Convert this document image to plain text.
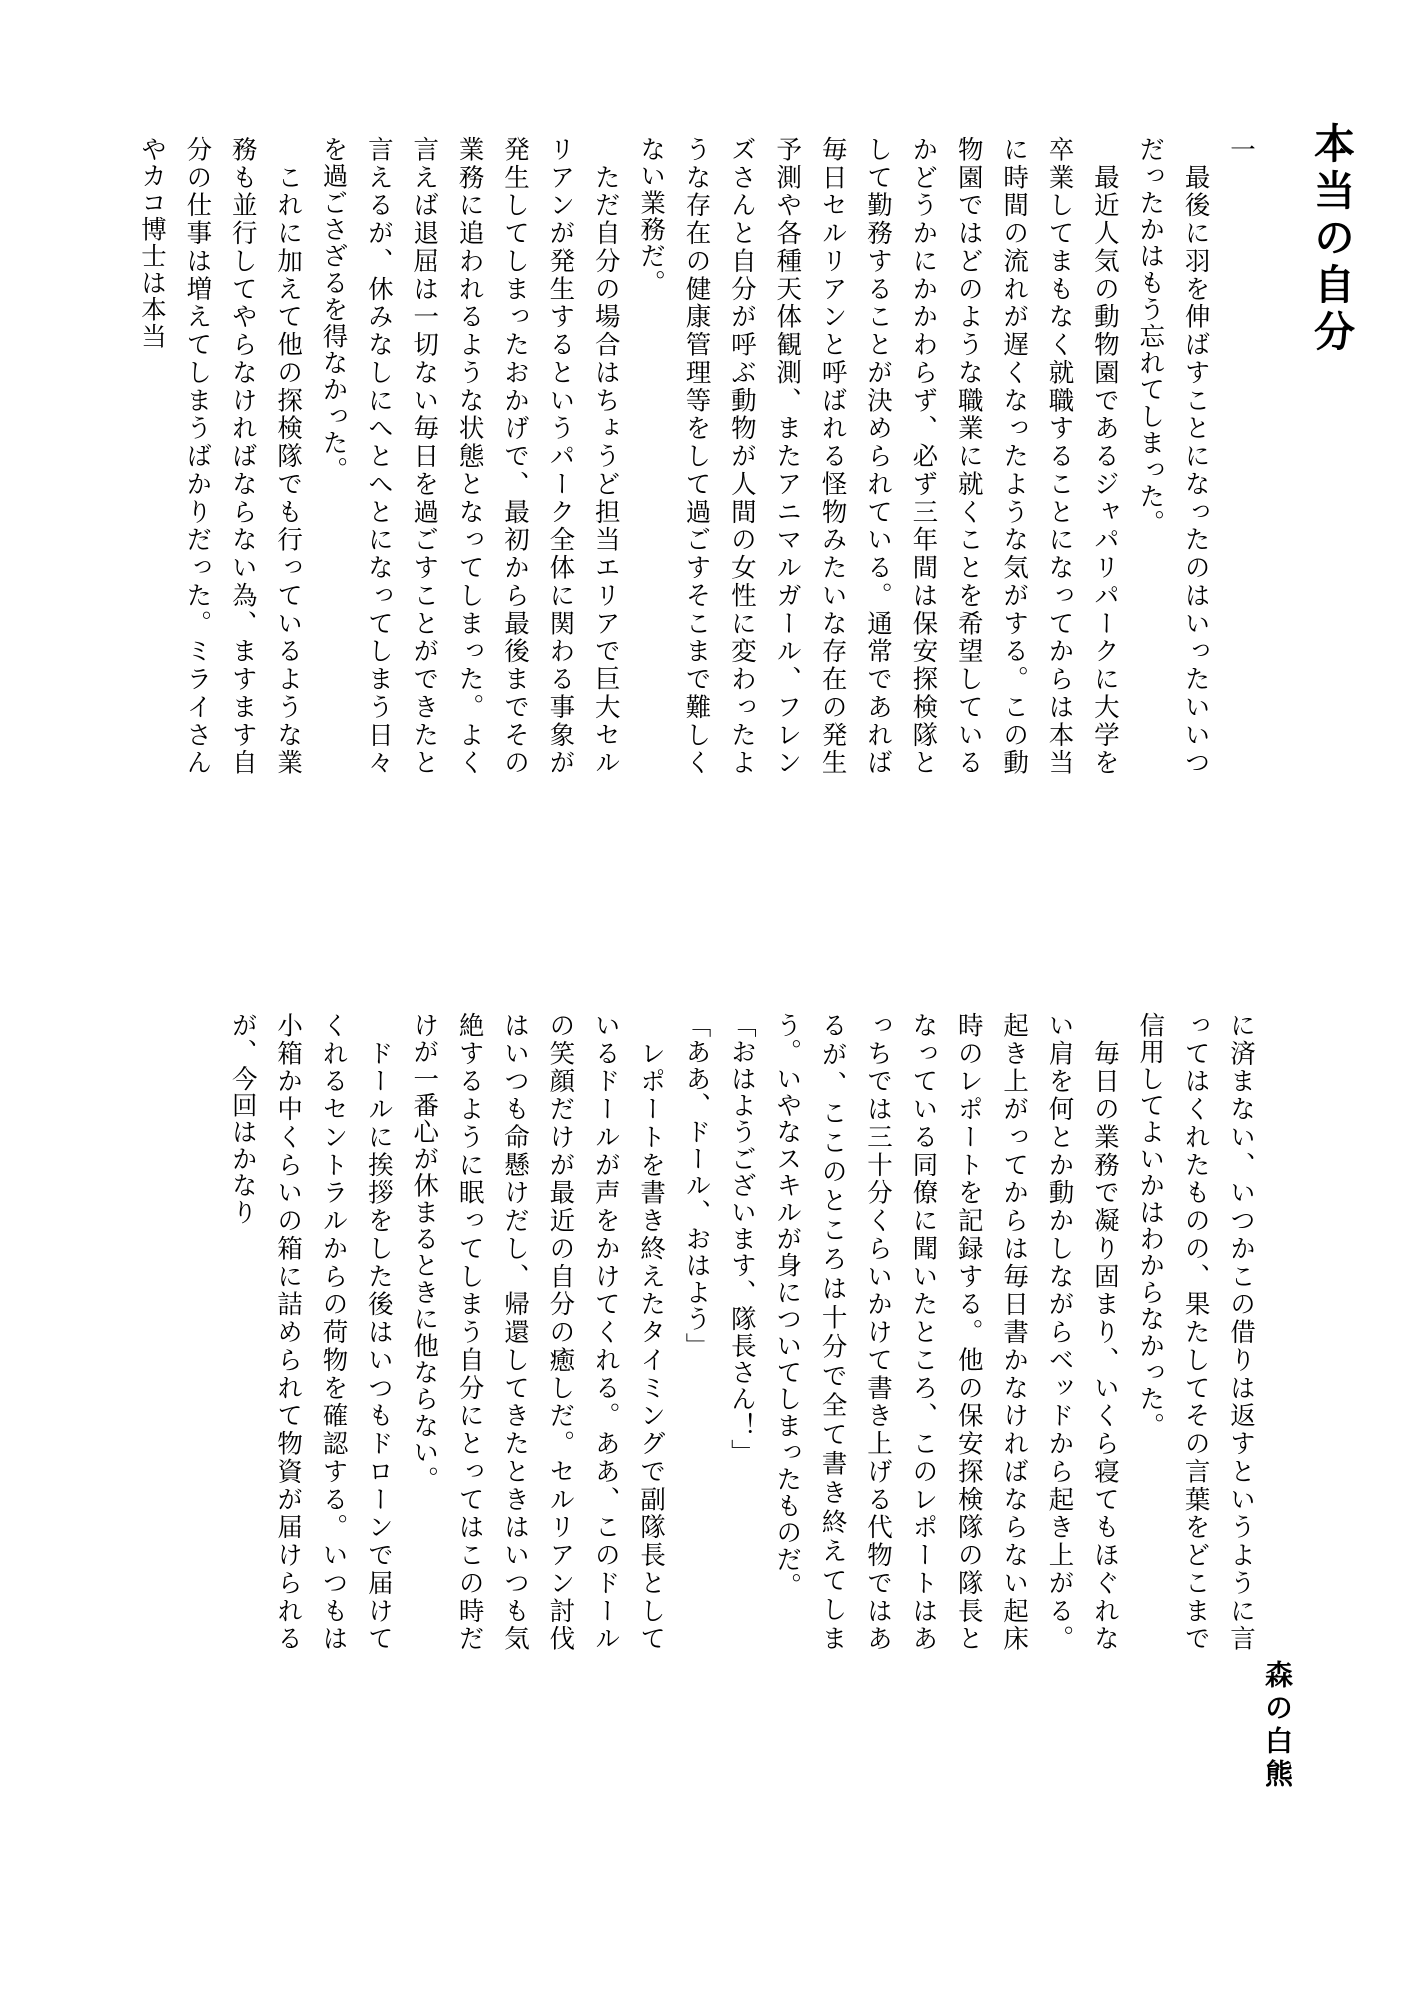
本当の自分
森の白熊
一
　最後に羽を伸ばすことになったのはいったいいつだったかはもう忘れてしまった。
　最近人気の動物園であるジャパリパークに大学を卒業してまもなく就職することになってからは本当に時間の流れが遅くなったような気がする。この動物園ではどのような職業に就くことを希望しているかどうかにかかわらず、必ず三年間は保安探検隊として勤務することが決められている。通常であれば毎日セルリアンと呼ばれる怪物みたいな存在の発生予測や各種天体観測、またアニマルガール、フレンズさんと自分が呼ぶ動物が人間の女性に変わったような存在の健康管理等をして過ごすそこまで難しくない業務だ。
　ただ自分の場合はちょうど担当エリアで巨大セルリアンが発生するというパーク全体に関わる事象が発生してしまったおかげで、最初から最後までその業務に追われるような状態となってしまった。よく言えば退屈は一切ない毎日を過ごすことができたと言えるが、休みなしにへとへとになってしまう日々を過ごさざるを得なかった。
　これに加えて他の探検隊でも行っているような業務も並行してやらなければならない為、ますます自分の仕事は増えてしまうばかりだった。ミライさんやカコ博士は本当
に済まない、いつかこの借りは返すというように言ってはくれたものの、果たしてその言葉をどこまで信用してよいかはわからなかった。
　毎日の業務で凝り固まり、いくら寝てもほぐれない肩を何とか動かしながらベッドから起き上がる。起き上がってからは毎日書かなければならない起床時のレポートを記録する。他の保安探検隊の隊長となっている同僚に聞いたところ、このレポートはあっちでは三十分くらいかけて書き上げる代物ではあるが、ここのところは十分で全て書き終えてしまう。いやなスキルが身についてしまったものだ。
「おはようございます、隊長さん！」
「ああ、ドール、おはよう」
　レポートを書き終えたタイミングで副隊長としているドールが声をかけてくれる。ああ、このドールの笑顔だけが最近の自分の癒しだ。セルリアン討伐はいつも命懸けだし、帰還してきたときはいつも気絶するように眠ってしまう自分にとってはこの時だけが一番心が休まるときに他ならない。
　ドールに挨拶をした後はいつもドローンで届けてくれるセントラルからの荷物を確認する。いつもは小箱か中くらいの箱に詰められて物資が届けられるが、今回はかなり
